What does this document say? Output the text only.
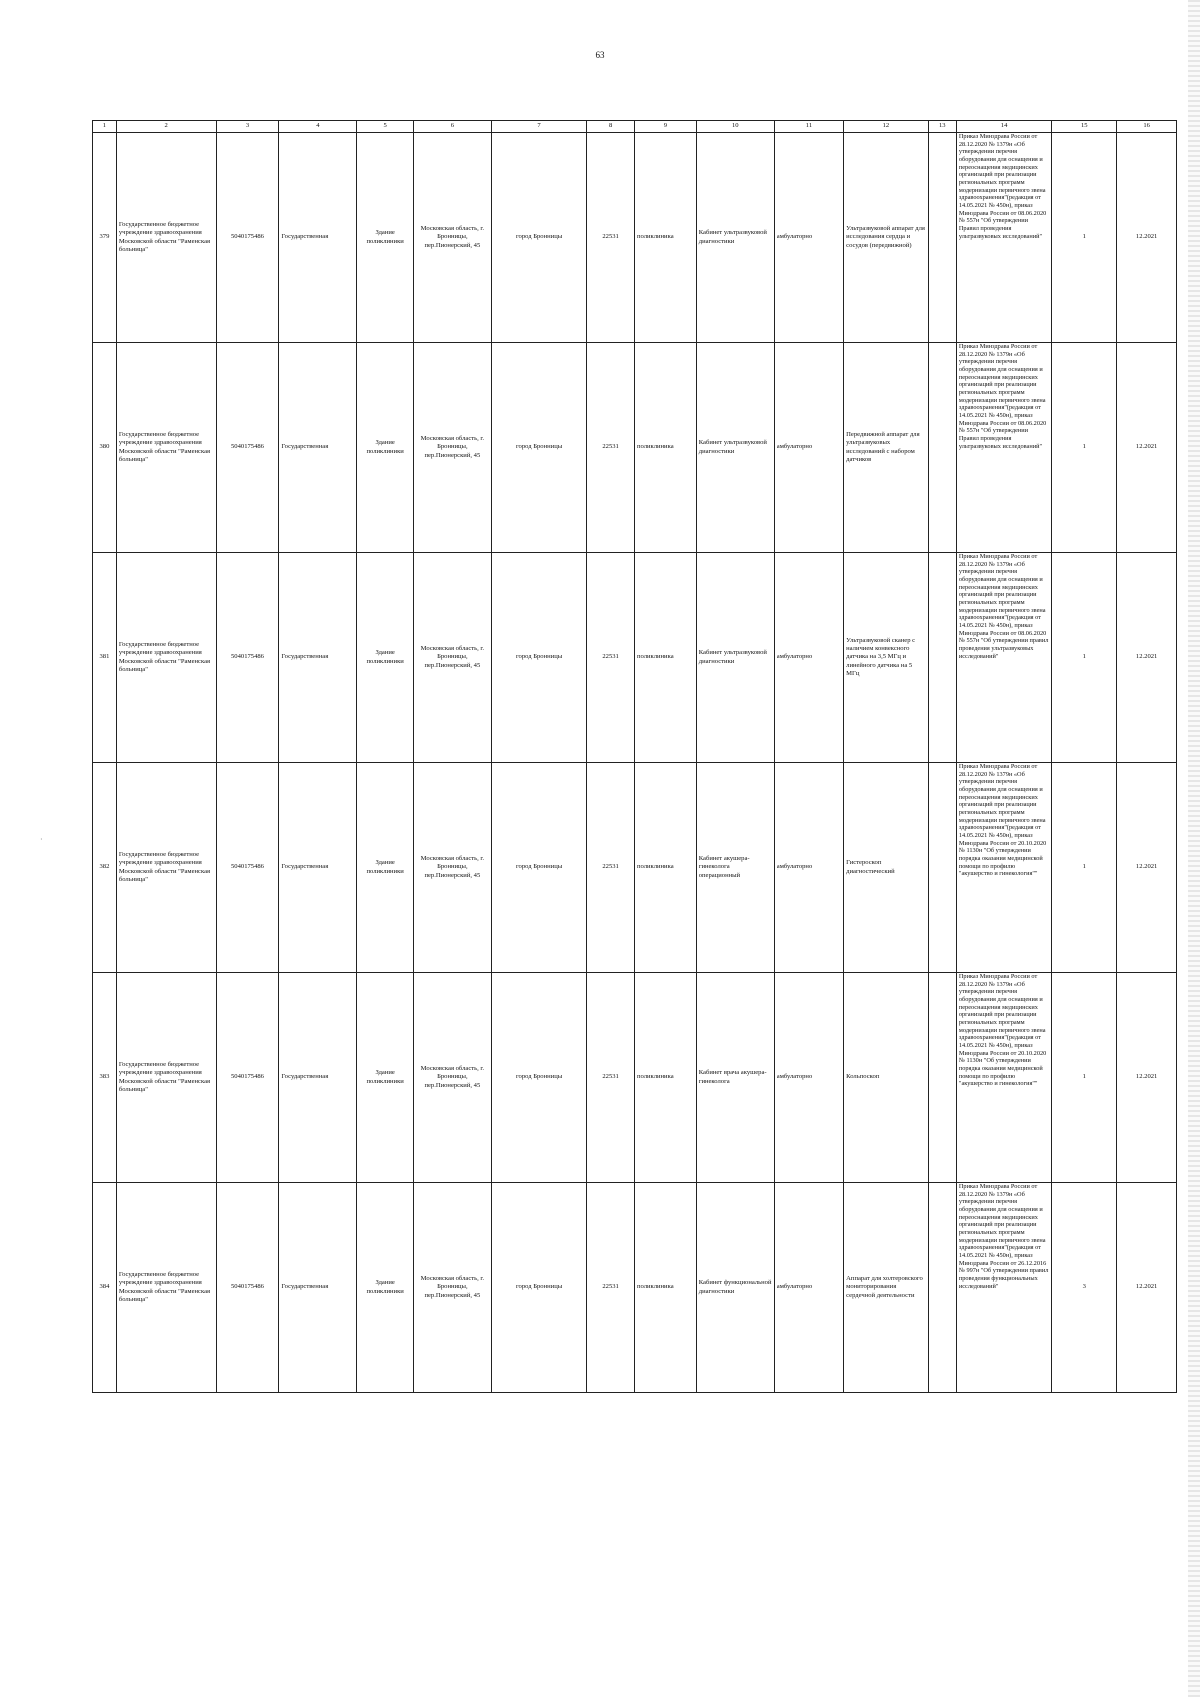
63
·
1	2	3	4	5	6	7	8	9	10	11	12	13	14	15	16
379	Государственное бюджетное учреждение здравоохранения Московской области "Раменская больница"	5040175486	Государственная	Здание поликлиники	Московская область, г. Бронницы, пер.Пионерский, 45	город Бронницы	22531	поликлиника	Кабинет ультразвуковой диагностики	амбулаторно	Ультразвуковой аппарат для исследования сердца и сосудов (передвижной)		Приказ Минздрава России от 28.12.2020 № 1379н «Об утверждении перечня оборудования для оснащения и переоснащения медицинских организаций при реализации региональных программ модернизации первичного звена здравоохранения"(редакция от 14.05.2021 № 450н), приказ Минздрава России от 08.06.2020 № 557н "Об утверждении Правил проведения ультразвуковых исследований"	1	12.2021
380	Государственное бюджетное учреждение здравоохранения Московской области "Раменская больница"	5040175486	Государственная	Здание поликлиники	Московская область, г. Бронницы, пер.Пионерский, 45	город Бронницы	22531	поликлиника	Кабинет ультразвуковой диагностики	амбулаторно	Передвижной аппарат для ультразвуковых исследований с набором датчиков		Приказ Минздрава России от 28.12.2020 № 1379н «Об утверждении перечня оборудования для оснащения и переоснащения медицинских организаций при реализации региональных программ модернизации первичного звена здравоохранения"(редакция от 14.05.2021 № 450н), приказ Минздрава России от 08.06.2020 № 557н "Об утверждении Правил проведения ультразвуковых исследований"	1	12.2021
381	Государственное бюджетное учреждение здравоохранения Московской области "Раменская больница"	5040175486	Государственная	Здание поликлиники	Московская область, г. Бронницы, пер.Пионерский, 45	город Бронницы	22531	поликлиника	Кабинет ультразвуковой диагностики	амбулаторно	Ультразвуковой сканер с наличием конвексного датчика на 3,5 МГц и линейного датчика на 5 МГц		Приказ Минздрава России от 28.12.2020 № 1379н «Об утверждении перечня оборудования для оснащения и переоснащения медицинских организаций при реализации региональных программ модернизации первичного звена здравоохранения"(редакция от 14.05.2021 № 450н), приказ Минздрава России от 08.06.2020 № 557н "Об утверждении правил проведения ультразвуковых исследований"	1	12.2021
382	Государственное бюджетное учреждение здравоохранения Московской области "Раменская больница"	5040175486	Государственная	Здание поликлиники	Московская область, г. Бронницы, пер.Пионерский, 45	город Бронницы	22531	поликлиника	Кабинет акушера-гинеколога операционный	амбулаторно	Гистероскоп диагностический		Приказ Минздрава России от 28.12.2020 № 1379н «Об утверждении перечня оборудования для оснащения и переоснащения медицинских организаций при реализации региональных программ модернизации первичного звена здравоохранения"(редакция от 14.05.2021 № 450н), приказ Минздрава России от 20.10.2020 № 1130н "Об утверждении порядка оказания медицинской помощи по профилю "акушерство и гинекология""	1	12.2021
383	Государственное бюджетное учреждение здравоохранения Московской области "Раменская больница"	5040175486	Государственная	Здание поликлиники	Московская область, г. Бронницы, пер.Пионерский, 45	город Бронницы	22531	поликлиника	Кабинет врача акушера-гинеколога	амбулаторно	Кольпоскоп		Приказ Минздрава России от 28.12.2020 № 1379н «Об утверждении перечня оборудования для оснащения и переоснащения медицинских организаций при реализации региональных программ модернизации первичного звена здравоохранения"(редакция от 14.05.2021 № 450н), приказ Минздрава России от 20.10.2020 № 1130н "Об утверждении порядка оказания медицинской помощи по профилю "акушерство и гинекология""	1	12.2021
384	Государственное бюджетное учреждение здравоохранения Московской области "Раменская больница"	5040175486	Государственная	Здание поликлиники	Московская область, г. Бронницы, пер.Пионерский, 45	город Бронницы	22531	поликлиника	Кабинет функциональной диагностики	амбулаторно	Аппарат для холтеровского мониторирования сердечной деятельности		Приказ Минздрава России от 28.12.2020 № 1379н «Об утверждении перечня оборудования для оснащения и переоснащения медицинских организаций при реализации региональных программ модернизации первичного звена здравоохранения"(редакция от 14.05.2021 № 450н), приказ Минздрава России от 26.12.2016 № 997н "Об утверждении правил проведения функциональных исследований"	3	12.2021
